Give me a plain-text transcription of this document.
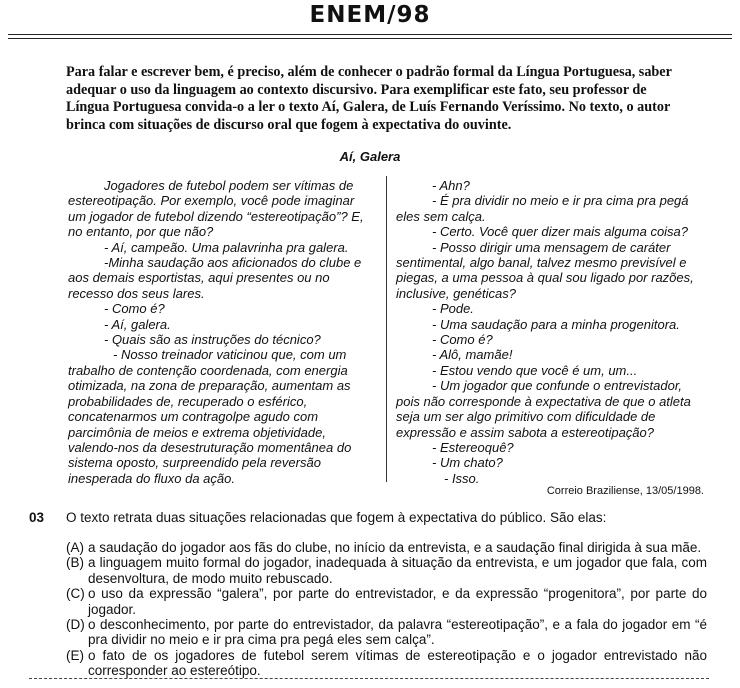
ENEM/98
Para falar e escrever bem, é preciso, além de conhecer o padrão formal da Língua Portuguesa, saber
adequar o uso da linguagem ao contexto discursivo. Para exemplificar este fato, seu professor de
Língua Portuguesa convida-o a ler o texto Aí, Galera, de Luís Fernando Veríssimo. No texto, o autor
brinca com situações de discurso oral que fogem à expectativa do ouvinte.
Aí, Galera
Jogadores de futebol podem ser vítimas de
estereotipação. Por exemplo, você pode imaginar
um jogador de futebol dizendo “estereotipação”? E,
no entanto, por que não?
- Aí, campeão. Uma palavrinha pra galera.
-Minha saudação aos aficionados do clube e
aos demais esportistas, aqui presentes ou no
recesso dos seus lares.
- Como é?
- Aí, galera.
- Quais são as instruções do técnico?
- Nosso treinador vaticinou que, com um
trabalho de contenção coordenada, com energia
otimizada, na zona de preparação, aumentam as
probabilidades de, recuperado o esférico,
concatenarmos um contragolpe agudo com
parcimônia de meios e extrema objetividade,
valendo-nos da desestruturação momentânea do
sistema oposto, surpreendido pela reversão
inesperada do fluxo da ação.
- Ahn?
- É pra dividir no meio e ir pra cima pra pegá
eles sem calça.
- Certo. Você quer dizer mais alguma coisa?
- Posso dirigir uma mensagem de caráter
sentimental, algo banal, talvez mesmo previsível e
piegas, a uma pessoa à qual sou ligado por razões,
inclusive, genéticas?
- Pode.
- Uma saudação para a minha progenitora.
- Como é?
- Alô, mamãe!
- Estou vendo que você é um, um...
- Um jogador que confunde o entrevistador,
pois não corresponde à expectativa de que o atleta
seja um ser algo primitivo com dificuldade de
expressão e assim sabota a estereotipação?
- Estereoquê?
- Um chato?
- Isso.
Correio Braziliense, 13/05/1998.
03 O texto retrata duas situações relacionadas que fogem à expectativa do público. São elas:
(A) a saudação do jogador aos fãs do clube, no início da entrevista, e a saudação final dirigida à sua mãe.
(B) a linguagem muito formal do jogador, inadequada à situação da entrevista, e um jogador que fala, com
desenvoltura, de modo muito rebuscado.
(C) o uso da expressão “galera”, por parte do entrevistador, e da expressão “progenitora”, por parte do
jogador.
(D) o desconhecimento, por parte do entrevistador, da palavra “estereotipação”, e a fala do jogador em “é
pra dividir no meio e ir pra cima pra pegá eles sem calça”.
(E) o fato de os jogadores de futebol serem vítimas de estereotipação e o jogador entrevistado não
corresponder ao estereótipo.
